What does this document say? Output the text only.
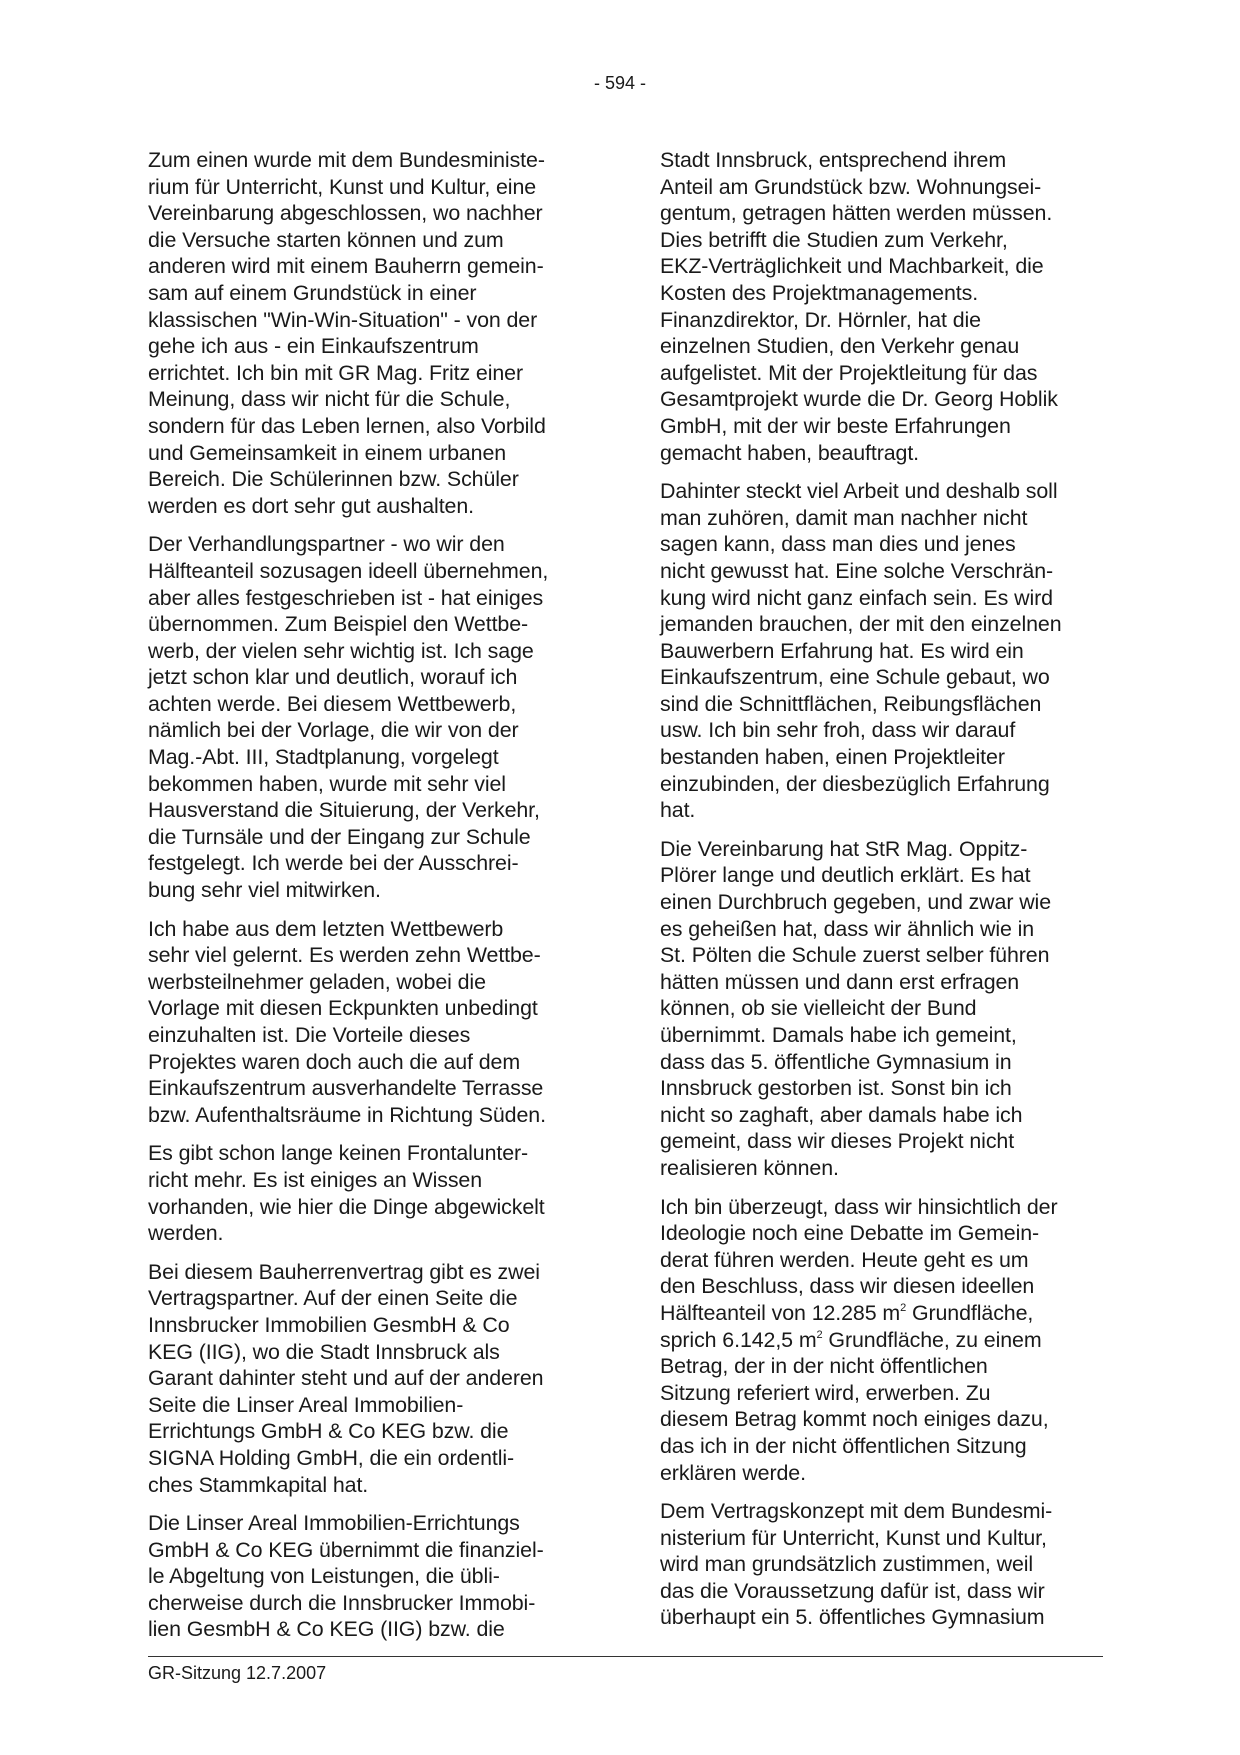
- 594 -

Zum einen wurde mit dem Bundesministe-
rium für Unterricht, Kunst und Kultur, eine
Vereinbarung abgeschlossen, wo nachher
die Versuche starten können und zum
anderen wird mit einem Bauherrn gemein-
sam auf einem Grundstück in einer
klassischen "Win-Win-Situation" - von der
gehe ich aus - ein Einkaufszentrum
errichtet. Ich bin mit GR Mag. Fritz einer
Meinung, dass wir nicht für die Schule,
sondern für das Leben lernen, also Vorbild
und Gemeinsamkeit in einem urbanen
Bereich. Die Schülerinnen bzw. Schüler
werden es dort sehr gut aushalten.

Der Verhandlungspartner - wo wir den
Hälfteanteil sozusagen ideell übernehmen,
aber alles festgeschrieben ist - hat einiges
übernommen. Zum Beispiel den Wettbe-
werb, der vielen sehr wichtig ist. Ich sage
jetzt schon klar und deutlich, worauf ich
achten werde. Bei diesem Wettbewerb,
nämlich bei der Vorlage, die wir von der
Mag.-Abt. III, Stadtplanung, vorgelegt
bekommen haben, wurde mit sehr viel
Hausverstand die Situierung, der Verkehr,
die Turnsäle und der Eingang zur Schule
festgelegt. Ich werde bei der Ausschrei-
bung sehr viel mitwirken.

Ich habe aus dem letzten Wettbewerb
sehr viel gelernt. Es werden zehn Wettbe-
werbsteilnehmer geladen, wobei die
Vorlage mit diesen Eckpunkten unbedingt
einzuhalten ist. Die Vorteile dieses
Projektes waren doch auch die auf dem
Einkaufszentrum ausverhandelte Terrasse
bzw. Aufenthaltsräume in Richtung Süden.

Es gibt schon lange keinen Frontalunter-
richt mehr. Es ist einiges an Wissen
vorhanden, wie hier die Dinge abgewickelt
werden.

Bei diesem Bauherrenvertrag gibt es zwei
Vertragspartner. Auf der einen Seite die
Innsbrucker Immobilien GesmbH & Co
KEG (IIG), wo die Stadt Innsbruck als
Garant dahinter steht und auf der anderen
Seite die Linser Areal Immobilien-
Errichtungs GmbH & Co KEG bzw. die
SIGNA Holding GmbH, die ein ordentli-
ches Stammkapital hat.

Die Linser Areal Immobilien-Errichtungs
GmbH & Co KEG übernimmt die finanziel-
le Abgeltung von Leistungen, die übli-
cherweise durch die Innsbrucker Immobi-
lien GesmbH & Co KEG (IIG) bzw. die

Stadt Innsbruck, entsprechend ihrem
Anteil am Grundstück bzw. Wohnungsei-
gentum, getragen hätten werden müssen.
Dies betrifft die Studien zum Verkehr,
EKZ-Verträglichkeit und Machbarkeit, die
Kosten des Projektmanagements.
Finanzdirektor, Dr. Hörnler, hat die
einzelnen Studien, den Verkehr genau
aufgelistet. Mit der Projektleitung für das
Gesamtprojekt wurde die Dr. Georg Hoblik
GmbH, mit der wir beste Erfahrungen
gemacht haben, beauftragt.

Dahinter steckt viel Arbeit und deshalb soll
man zuhören, damit man nachher nicht
sagen kann, dass man dies und jenes
nicht gewusst hat. Eine solche Verschrän-
kung wird nicht ganz einfach sein. Es wird
jemanden brauchen, der mit den einzelnen
Bauwerbern Erfahrung hat. Es wird ein
Einkaufszentrum, eine Schule gebaut, wo
sind die Schnittflächen, Reibungsflächen
usw. Ich bin sehr froh, dass wir darauf
bestanden haben, einen Projektleiter
einzubinden, der diesbezüglich Erfahrung
hat.

Die Vereinbarung hat StR Mag. Oppitz-
Plörer lange und deutlich erklärt. Es hat
einen Durchbruch gegeben, und zwar wie
es geheißen hat, dass wir ähnlich wie in
St. Pölten die Schule zuerst selber führen
hätten müssen und dann erst erfragen
können, ob sie vielleicht der Bund
übernimmt. Damals habe ich gemeint,
dass das 5. öffentliche Gymnasium in
Innsbruck gestorben ist. Sonst bin ich
nicht so zaghaft, aber damals habe ich
gemeint, dass wir dieses Projekt nicht
realisieren können.

Ich bin überzeugt, dass wir hinsichtlich der
Ideologie noch eine Debatte im Gemein-
derat führen werden. Heute geht es um
den Beschluss, dass wir diesen ideellen
Hälfteanteil von 12.285 $m^2$ Grundfläche,
sprich 6.142,5 $m^2$ Grundfläche, zu einem
Betrag, der in der nicht öffentlichen
Sitzung referiert wird, erwerben. Zu
diesem Betrag kommt noch einiges dazu,
das ich in der nicht öffentlichen Sitzung
erklären werde.

Dem Vertragskonzept mit dem Bundesmi-
nisterium für Unterricht, Kunst und Kultur,
wird man grundsätzlich zustimmen, weil
das die Voraussetzung dafür ist, dass wir
überhaupt ein 5. öffentliches Gymnasium

GR-Sitzung 12.7.2007
